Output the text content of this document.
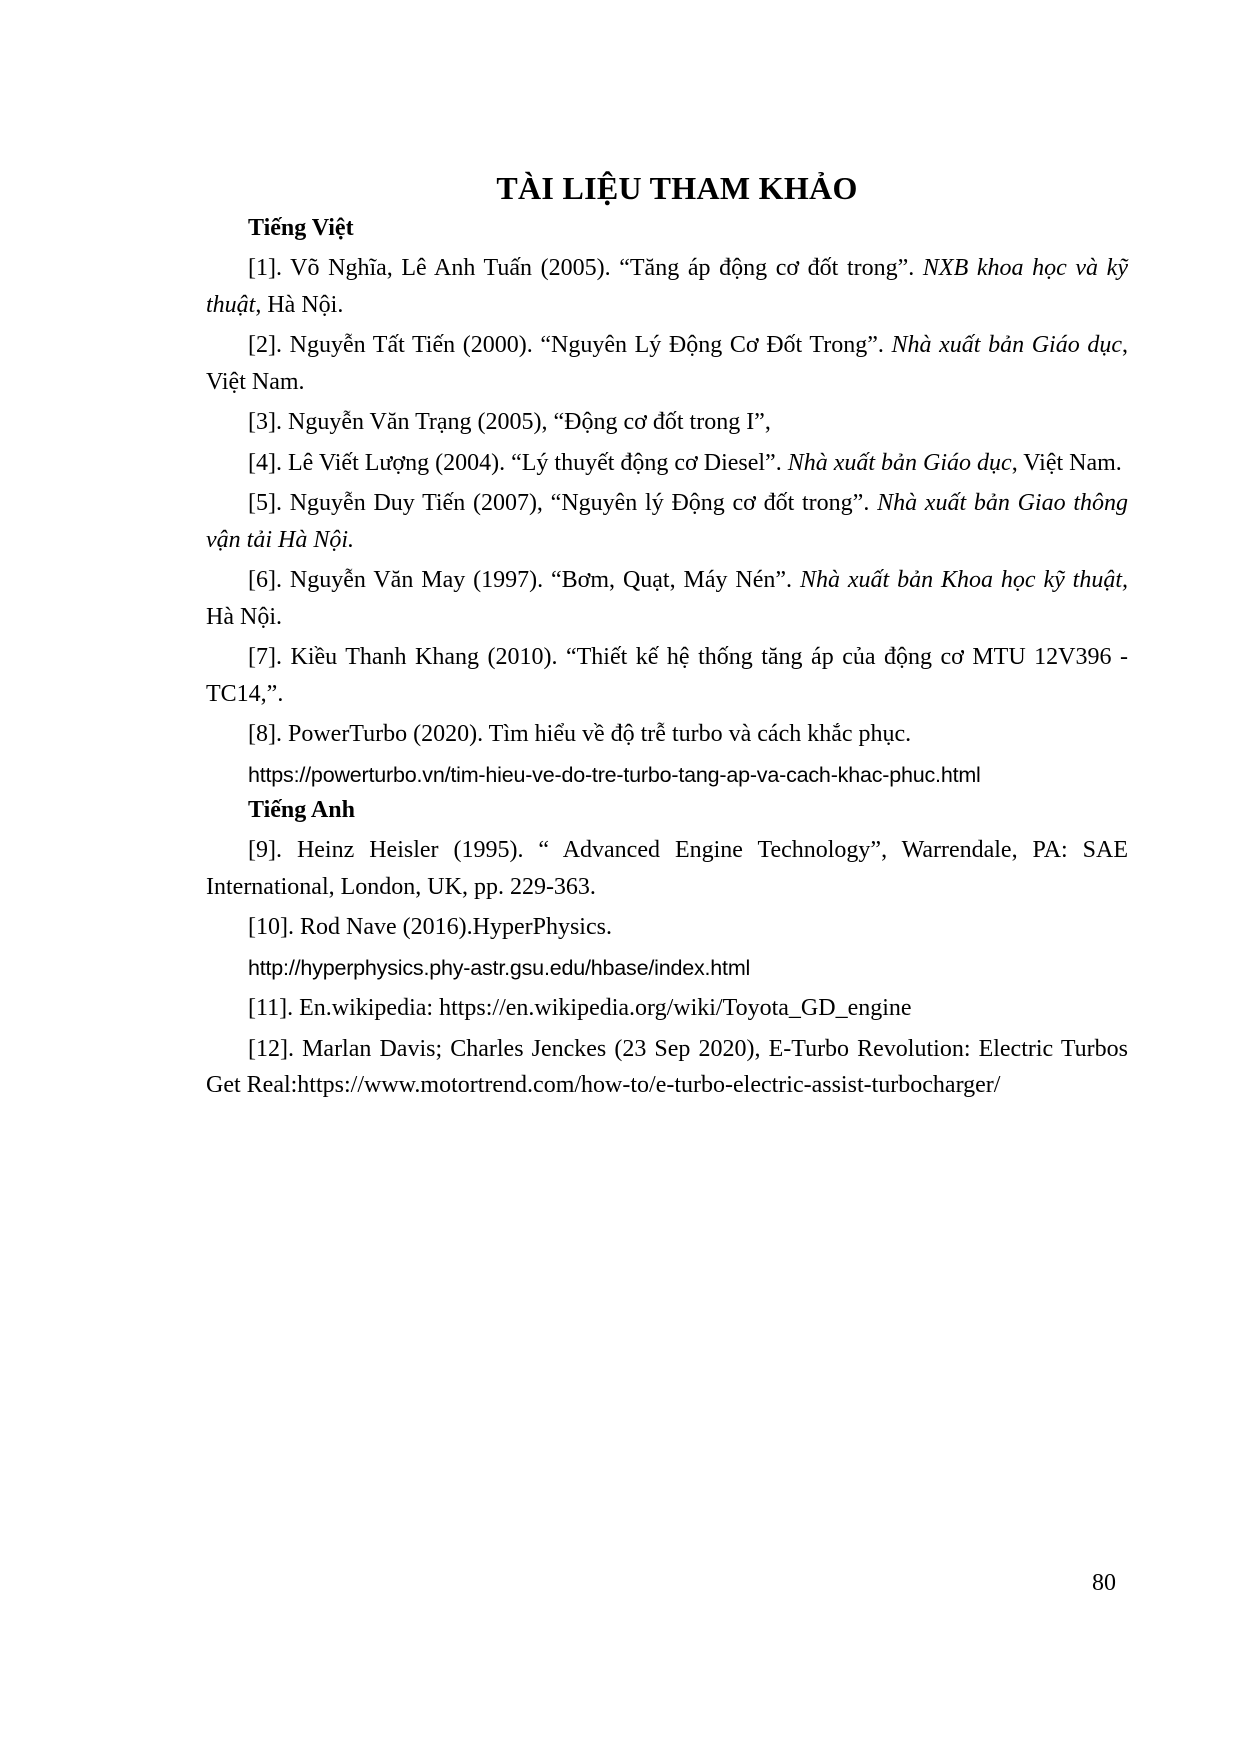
TÀI LIỆU THAM KHẢO
Tiếng Việt

[1]. Võ Nghĩa, Lê Anh Tuấn (2005). “Tăng áp động cơ đốt trong”. NXB khoa học và kỹ thuật, Hà Nội.

[2]. Nguyễn Tất Tiến (2000). “Nguyên Lý Động Cơ Đốt Trong”. Nhà xuất bản Giáo dục, Việt Nam.

[3]. Nguyễn Văn Trạng (2005), “Động cơ đốt trong I”,

[4]. Lê Viết Lượng (2004). “Lý thuyết động cơ Diesel”. Nhà xuất bản Giáo dục, Việt Nam.

[5]. Nguyễn Duy Tiến (2007), “Nguyên lý Động cơ đốt trong”. Nhà xuất bản Giao thông vận tải Hà Nội.

[6]. Nguyễn Văn May (1997). “Bơm, Quạt, Máy Nén”. Nhà xuất bản Khoa học kỹ thuật, Hà Nội.

[7]. Kiều Thanh Khang (2010). “Thiết kế hệ thống tăng áp của động cơ MTU 12V396 - TC14,”.

[8]. PowerTurbo (2020). Tìm hiểu về độ trễ turbo và cách khắc phục.

https://powerturbo.vn/tim-hieu-ve-do-tre-turbo-tang-ap-va-cach-khac-phuc.html
Tiếng Anh

[9]. Heinz Heisler (1995). “ Advanced Engine Technology”, Warrendale, PA: SAE International, London, UK, pp. 229-363.

[10]. Rod Nave (2016).HyperPhysics.

http://hyperphysics.phy-astr.gsu.edu/hbase/index.html

[11]. En.wikipedia: https://en.wikipedia.org/wiki/Toyota_GD_engine

[12]. Marlan Davis; Charles Jenckes (23 Sep 2020), E-Turbo Revolution: Electric Turbos Get Real:https://www.motortrend.com/how-to/e-turbo-electric-assist-turbocharger/

80
